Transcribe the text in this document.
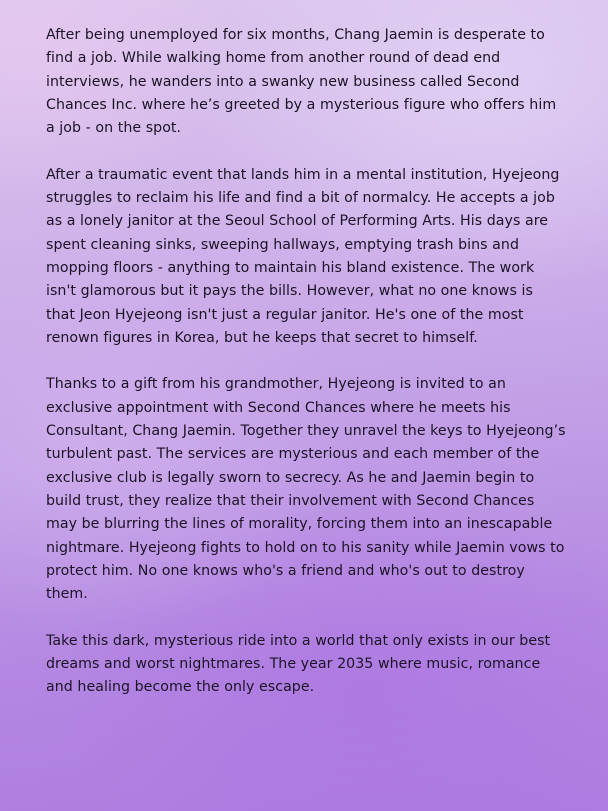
After being unemployed for six months, Chang Jaemin is desperate to find a job. While walking home from another round of dead end interviews, he wanders into a swanky new business called Second Chances Inc. where he’s greeted by a mysterious figure who offers him a job - on the spot.

After a traumatic event that lands him in a mental institution, Hyejeong struggles to reclaim his life and find a bit of normalcy. He accepts a job as a lonely janitor at the Seoul School of Performing Arts. His days are spent cleaning sinks, sweeping hallways, emptying trash bins and mopping floors - anything to maintain his bland existence. The work isn't glamorous but it pays the bills. However, what no one knows is that Jeon Hyejeong isn't just a regular janitor. He's one of the most renown figures in Korea, but he keeps that secret to himself.

Thanks to a gift from his grandmother, Hyejeong is invited to an exclusive appointment with Second Chances where he meets his Consultant, Chang Jaemin. Together they unravel the keys to Hyejeong’s turbulent past. The services are mysterious and each member of the exclusive club is legally sworn to secrecy. As he and Jaemin begin to build trust, they realize that their involvement with Second Chances may be blurring the lines of morality, forcing them into an inescapable nightmare. Hyejeong fights to hold on to his sanity while Jaemin vows to protect him. No one knows who's a friend and who's out to destroy them.

Take this dark, mysterious ride into a world that only exists in our best dreams and worst nightmares. The year 2035 where music, romance and healing become the only escape.
